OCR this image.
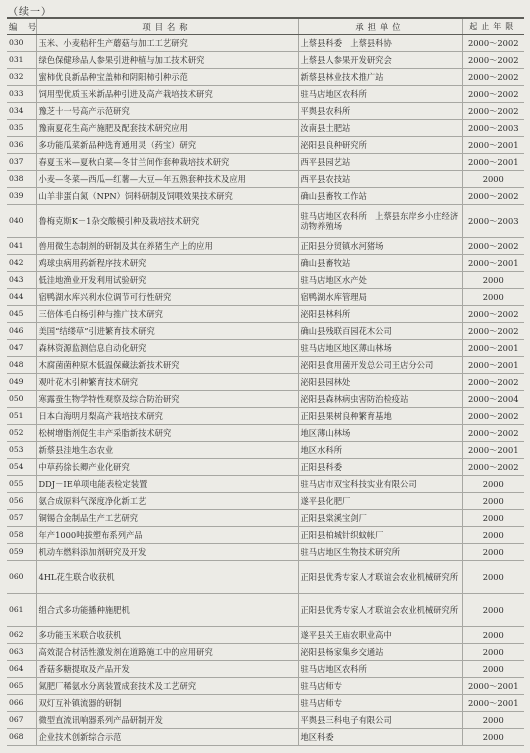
（续一）
编 号	项目名称	承担单位	起止年限
030	玉米、小麦秸秆生产蘑菇与加工工艺研究	上蔡县科委　上蔡县科协	2000～2002
031	绿色保健珍品人参果引进种植与加工技术研究	上蔡县人参果开发研究会	2000～2002
032	蜜柿优良新品种宝盖柿和阴阳柿引种示范	新蔡县林业技术推广站	2000～2002
033	饲用型优质玉米新品种引进及高产栽培技术研究	驻马店地区农科所	2000～2002
034	豫芝十一号高产示范研究	平舆县农科所	2000～2002
035	豫南夏花生高产施肥及配套技术研究应用	汝南县土肥站	2000～2003
036	多功能瓜菜新品种选育通用灵（药宝）研究	泌阳县良种研究所	2000～2001
037	春夏玉米—夏秋白菜—冬甘兰间作套种栽培技术研究	西平县园艺站	2000～2001
038	小麦—冬菜—西瓜—红薯—大豆—年五熟套种技术及应用	西平县农技站	2000
039	山羊非蛋白氮（NPN）饲料研制及饲喂效果技术研究	确山县畜牧工作站	2000～2002
040	鲁梅克斯K－1杂交酸模引种及栽培技术研究	驻马店地区农科所　上蔡县东岸乡小庄经济动物养殖场	2000～2003
041	兽用微生态制剂的研制及其在养猪生产上的应用	正阳县分贸镇水河猪场	2000～2002
042	鸡球虫病用药新程序技术研究	确山县畜牧站	2000～2001
043	低洼地渔业开发利用试验研究	驻马店地区水产处	2000
044	宿鸭湖水库兴利水位调节可行性研究	宿鸭湖水库管理局	2000
045	三倍体毛白杨引种与推广技术研究	泌阳县林科所	2000～2002
046	美国“结缕草”引进繁育技术研究	确山县残联百园花木公司	2000～2002
047	森林资源监测信息自动化研究	驻马店地区地区薄山林场	2000～2001
048	木腐菌菌种原木低温保藏法新技术研究	泌阳县食用菌开发总公司王店分公司	2000～2001
049	观叶花木引种繁育技术研究	泌阳县园林处	2000～2002
050	寒露蚕生物学特性观察及综合防治研究	泌阳县森林病虫害防治检疫站	2000～2004
051	日本白海明月梨高产栽培技术研究	正阳县果树良种繁育基地	2000～2002
052	松树增脂剂促生丰产采脂新技术研究	地区薄山林场	2000～2002
053	新蔡县洼地生态农业	地区水科所	2000～2001
054	中草药徐长卿产业化研究	正阳县科委	2000～2002
055	DDJ－IE单项电能表检定装置	驻马店市双宝科技实业有限公司	2000
056	氨合成原料气深度净化新工艺	遂平县化肥厂	2000
057	铜锡合金制品生产工艺研究	正阳县棠溪宝剑厂	2000
058	年产1000吨拔塑布系列产品	正阳县柏城针织蚊帐厂	2000
059	机动车燃料添加剂研究及开发	驻马店地区生物技术研究所	2000
060	4HL花生联合收获机	正阳县优秀专家人才联谊会农业机械研究所	2000
061	组合式多功能播种施肥机	正阳县优秀专家人才联谊会农业机械研究所	2000
062	多功能玉米联合收获机	遂平县关王庙农职业高中	2000
063	高效混合材活性激发剂在道路施工中的应用研究	泌阳县杨家集乡交通站	2000
064	香菇多糖提取及产品开发	驻马店地区农科所	2000
065	氮肥厂稀氨水分离装置成套技术及工艺研究	驻马店师专	2000～2001
066	双灯互补镇流器的研制	驻马店师专	2000～2001
067	微型直流讯响器系列产品研制开发	平舆县三科电子有限公司	2000
068	企业技术创新综合示范	地区科委	2000
